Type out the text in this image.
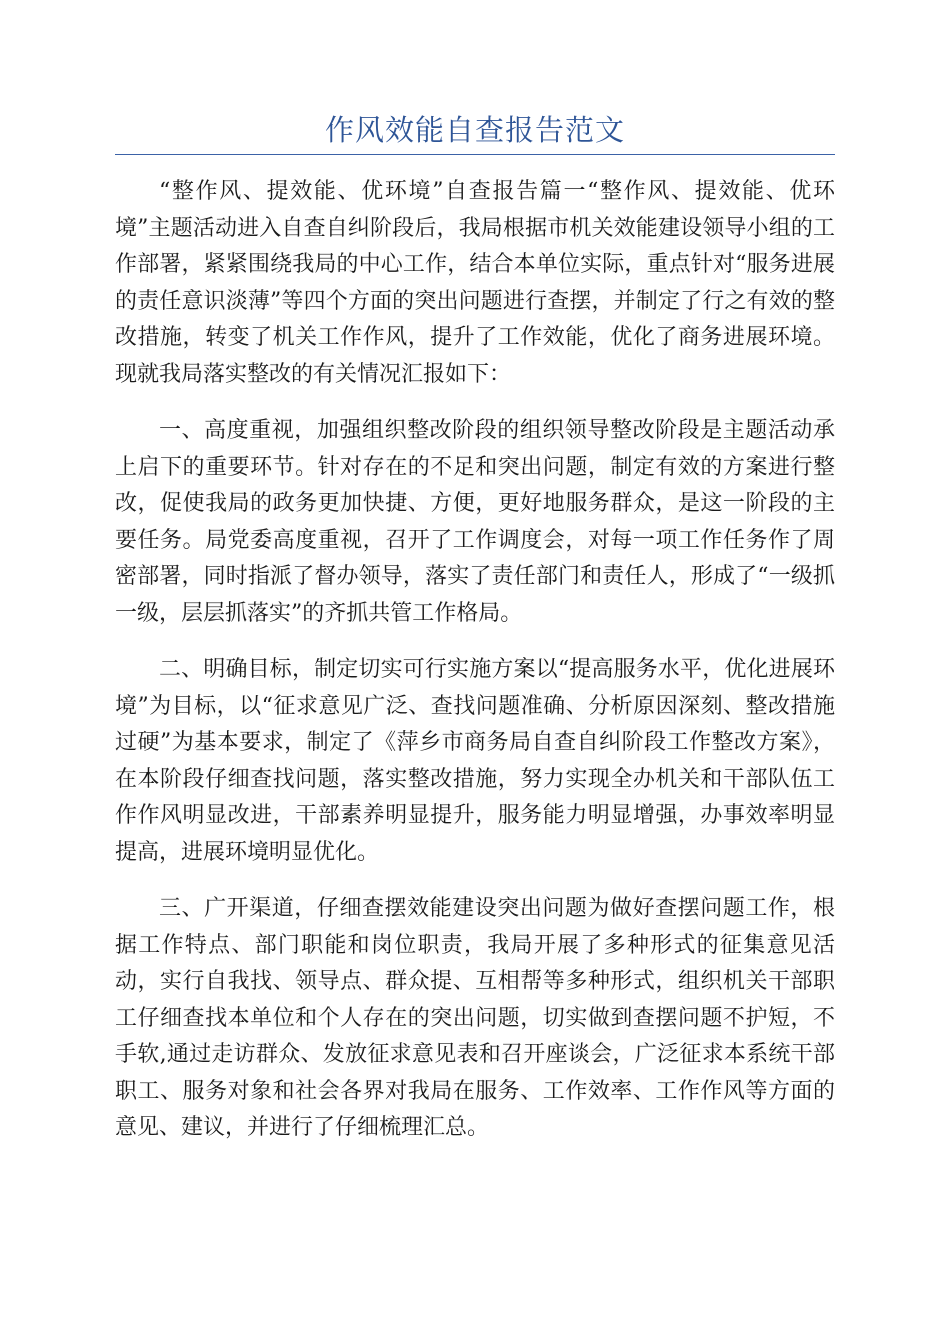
作风效能自查报告范文

“整作风、提效能、优环境”自查报告篇一“整作风、提效能、优环境”主题活动进入自查自纠阶段后，我局根据市机关效能建设领导小组的工作部署，紧紧围绕我局的中心工作，结合本单位实际，重点针对“服务进展的责任意识淡薄”等四个方面的突出问题进行查摆，并制定了行之有效的整改措施，转变了机关工作作风，提升了工作效能，优化了商务进展环境。现就我局落实整改的有关情况汇报如下：

一、高度重视，加强组织整改阶段的组织领导整改阶段是主题活动承上启下的重要环节。针对存在的不足和突出问题，制定有效的方案进行整改，促使我局的政务更加快捷、方便，更好地服务群众，是这一阶段的主要任务。局党委高度重视，召开了工作调度会，对每一项工作任务作了周密部署，同时指派了督办领导，落实了责任部门和责任人，形成了“一级抓一级，层层抓落实”的齐抓共管工作格局。

二、明确目标，制定切实可行实施方案以“提高服务水平，优化进展环境”为目标，以“征求意见广泛、查找问题准确、分析原因深刻、整改措施过硬”为基本要求，制定了《萍乡市商务局自查自纠阶段工作整改方案》，在本阶段仔细查找问题，落实整改措施，努力实现全办机关和干部队伍工作作风明显改进，干部素养明显提升，服务能力明显增强，办事效率明显提高，进展环境明显优化。

三、广开渠道，仔细查摆效能建设突出问题为做好查摆问题工作，根据工作特点、部门职能和岗位职责，我局开展了多种形式的征集意见活动，实行自我找、领导点、群众提、互相帮等多种形式，组织机关干部职工仔细查找本单位和个人存在的突出问题，切实做到查摆问题不护短，不手软,通过走访群众、发放征求意见表和召开座谈会，广泛征求本系统干部职工、服务对象和社会各界对我局在服务、工作效率、工作作风等方面的意见、建议，并进行了仔细梳理汇总。
